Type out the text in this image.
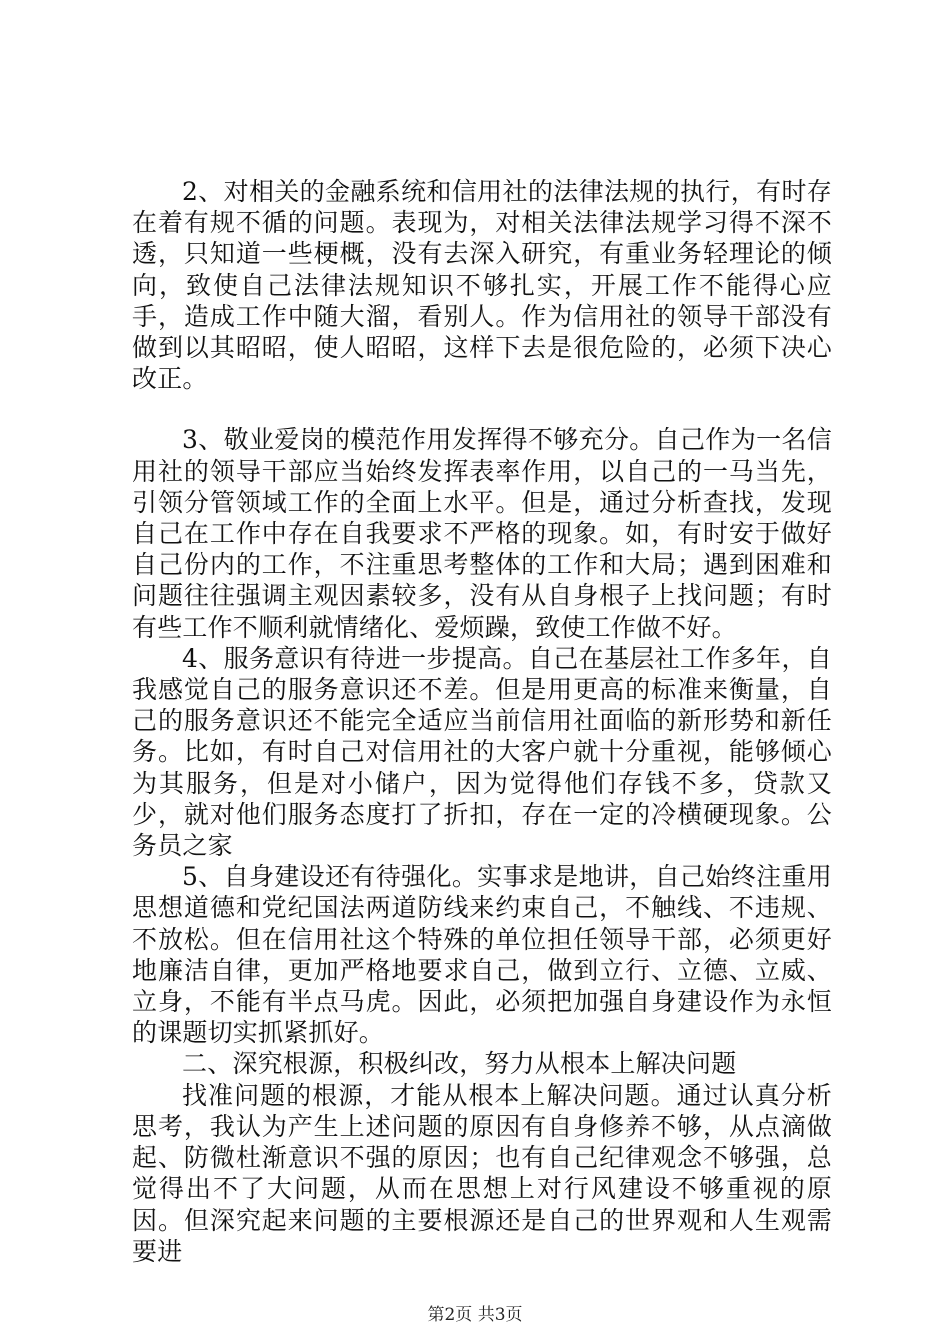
2、对相关的金融系统和信用社的法律法规的执行，有时存在着有规不循的问题。表现为，对相关法律法规学习得不深不透，只知道一些梗概，没有去深入研究，有重业务轻理论的倾向，致使自己法律法规知识不够扎实，开展工作不能得心应手，造成工作中随大溜，看别人。作为信用社的领导干部没有做到以其昭昭，使人昭昭，这样下去是很危险的，必须下决心改正。

3、敬业爱岗的模范作用发挥得不够充分。自己作为一名信用社的领导干部应当始终发挥表率作用，以自己的一马当先，引领分管领域工作的全面上水平。但是，通过分析查找，发现自己在工作中存在自我要求不严格的现象。如，有时安于做好自己份内的工作，不注重思考整体的工作和大局；遇到困难和问题往往强调主观因素较多，没有从自身根子上找问题；有时有些工作不顺利就情绪化、爱烦躁，致使工作做不好。

4、服务意识有待进一步提高。自己在基层社工作多年，自我感觉自己的服务意识还不差。但是用更高的标准来衡量，自己的服务意识还不能完全适应当前信用社面临的新形势和新任务。比如，有时自己对信用社的大客户就十分重视，能够倾心为其服务，但是对小储户，因为觉得他们存钱不多，贷款又少，就对他们服务态度打了折扣，存在一定的冷横硬现象。公务员之家

5、自身建设还有待强化。实事求是地讲，自己始终注重用思想道德和党纪国法两道防线来约束自己，不触线、不违规、不放松。但在信用社这个特殊的单位担任领导干部，必须更好地廉洁自律，更加严格地要求自己，做到立行、立德、立威、立身，不能有半点马虎。因此，必须把加强自身建设作为永恒的课题切实抓紧抓好。

二、深究根源，积极纠改，努力从根本上解决问题

找准问题的根源，才能从根本上解决问题。通过认真分析思考，我认为产生上述问题的原因有自身修养不够，从点滴做起、防微杜渐意识不强的原因；也有自己纪律观念不够强，总觉得出不了大问题，从而在思想上对行风建设不够重视的原因。但深究起来问题的主要根源还是自己的世界观和人生观需要进

第2页 共3页
